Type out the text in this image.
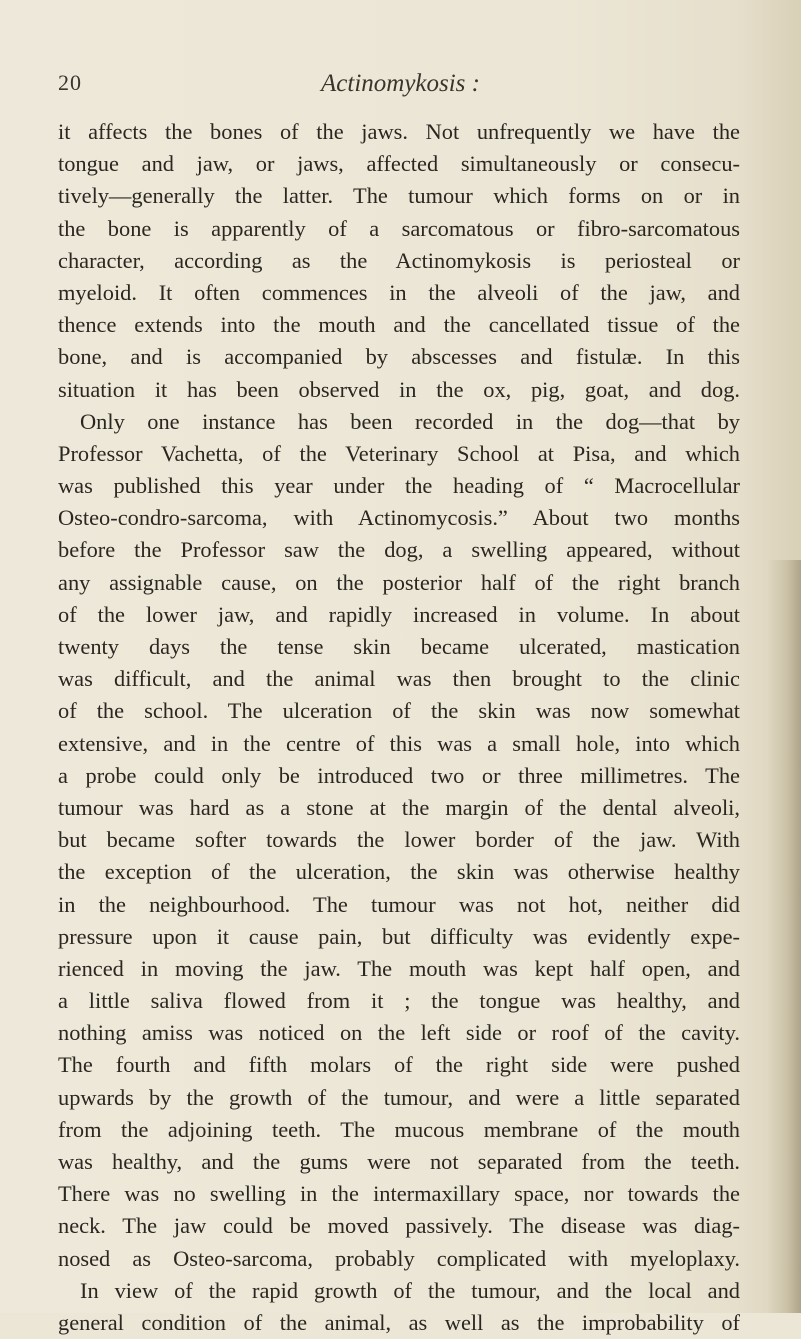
20	Actinomykosis :
it affects the bones of the jaws. Not unfrequently we have the
tongue and jaw, or jaws, affected simultaneously or consecu-
tively—generally the latter. The tumour which forms on or in
the bone is apparently of a sarcomatous or fibro-sarcomatous
character, according as the Actinomykosis is periosteal or
myeloid. It often commences in the alveoli of the jaw, and
thence extends into the mouth and the cancellated tissue of the
bone, and is accompanied by abscesses and fistulæ. In this
situation it has been observed in the ox, pig, goat, and dog.
Only one instance has been recorded in the dog—that by
Professor Vachetta, of the Veterinary School at Pisa, and which
was published this year under the heading of “ Macrocellular
Osteo-condro-sarcoma, with Actinomycosis.” About two months
before the Professor saw the dog, a swelling appeared, without
any assignable cause, on the posterior half of the right branch
of the lower jaw, and rapidly increased in volume. In about
twenty days the tense skin became ulcerated, mastication
was difficult, and the animal was then brought to the clinic
of the school. The ulceration of the skin was now somewhat
extensive, and in the centre of this was a small hole, into which
a probe could only be introduced two or three millimetres. The
tumour was hard as a stone at the margin of the dental alveoli,
but became softer towards the lower border of the jaw. With
the exception of the ulceration, the skin was otherwise healthy
in the neighbourhood. The tumour was not hot, neither did
pressure upon it cause pain, but difficulty was evidently expe-
rienced in moving the jaw. The mouth was kept half open, and
a little saliva flowed from it ; the tongue was healthy, and
nothing amiss was noticed on the left side or roof of the cavity.
The fourth and fifth molars of the right side were pushed
upwards by the growth of the tumour, and were a little separated
from the adjoining teeth. The mucous membrane of the mouth
was healthy, and the gums were not separated from the teeth.
There was no swelling in the intermaxillary space, nor towards the
neck. The jaw could be moved passively. The disease was diag-
nosed as Osteo-sarcoma, probably complicated with myeloplaxy.
In view of the rapid growth of the tumour, and the local and
general condition of the animal, as well as the improbability of
